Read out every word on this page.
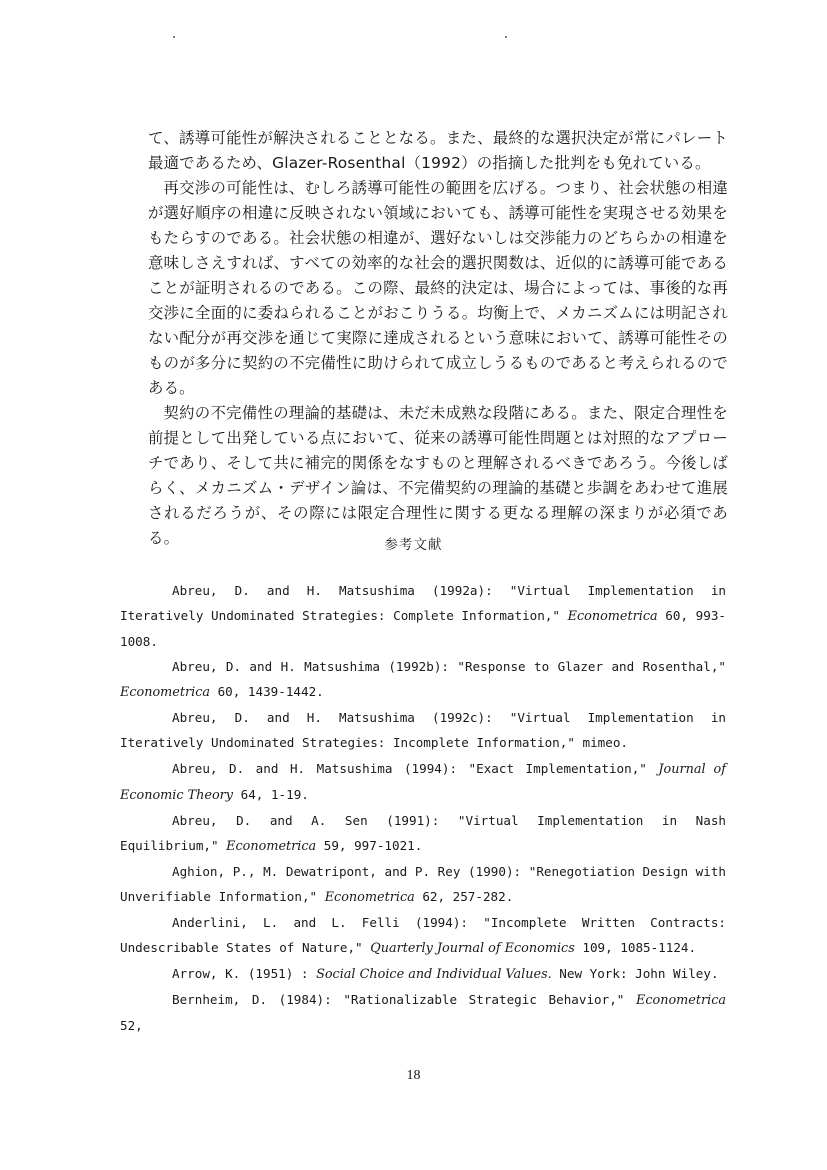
て、誘導可能性が解決されることとなる。また、最終的な選択決定が常にパレート最適であるため、Glazer-Rosenthal（1992）の指摘した批判をも免れている。

再交渉の可能性は、むしろ誘導可能性の範囲を広げる。つまり、社会状態の相違が選好順序の相違に反映されない領域においても、誘導可能性を実現させる効果をもたらすのである。社会状態の相違が、選好ないしは交渉能力のどちらかの相違を意味しさえすれば、すべての効率的な社会的選択関数は、近似的に誘導可能であることが証明されるのである。この際、最終的決定は、場合によっては、事後的な再交渉に全面的に委ねられることがおこりうる。均衡上で、メカニズムには明記されない配分が再交渉を通じて実際に達成されるという意味において、誘導可能性そのものが多分に契約の不完備性に助けられて成立しうるものであると考えられるのである。

契約の不完備性の理論的基礎は、未だ未成熟な段階にある。また、限定合理性を前提として出発している点において、従来の誘導可能性問題とは対照的なアプローチであり、そして共に補完的関係をなすものと理解されるべきであろう。今後しばらく、メカニズム・デザイン論は、不完備契約の理論的基礎と歩調をあわせて進展されるだろうが、その際には限定合理性に関する更なる理解の深まりが必須である。	参考文献

Abreu, D. and H. Matsushima (1992a): "Virtual Implementation in Iteratively Undominated Strategies: Complete Information," Econometrica 60, 993-1008.

Abreu, D. and H. Matsushima (1992b): "Response to Glazer and Rosenthal," Econometrica 60, 1439-1442.

Abreu, D. and H. Matsushima (1992c): "Virtual Implementation in Iteratively Undominated Strategies: Incomplete Information," mimeo.

Abreu, D. and H. Matsushima (1994): "Exact Implementation," Journal of Economic Theory 64, 1-19.

Abreu, D. and A. Sen (1991): "Virtual Implementation in Nash Equilibrium," Econometrica 59, 997-1021.

Aghion, P., M. Dewatripont, and P. Rey (1990): "Renegotiation Design with Unverifiable Information," Econometrica 62, 257-282.

Anderlini, L. and L. Felli (1994): "Incomplete Written Contracts: Undescribable States of Nature," Quarterly Journal of Economics 109, 1085-1124.

Arrow, K. (1951) : Social Choice and Individual Values. New York: John Wiley.

Bernheim, D. (1984): "Rationalizable Strategic Behavior," Econometrica 52,

18
